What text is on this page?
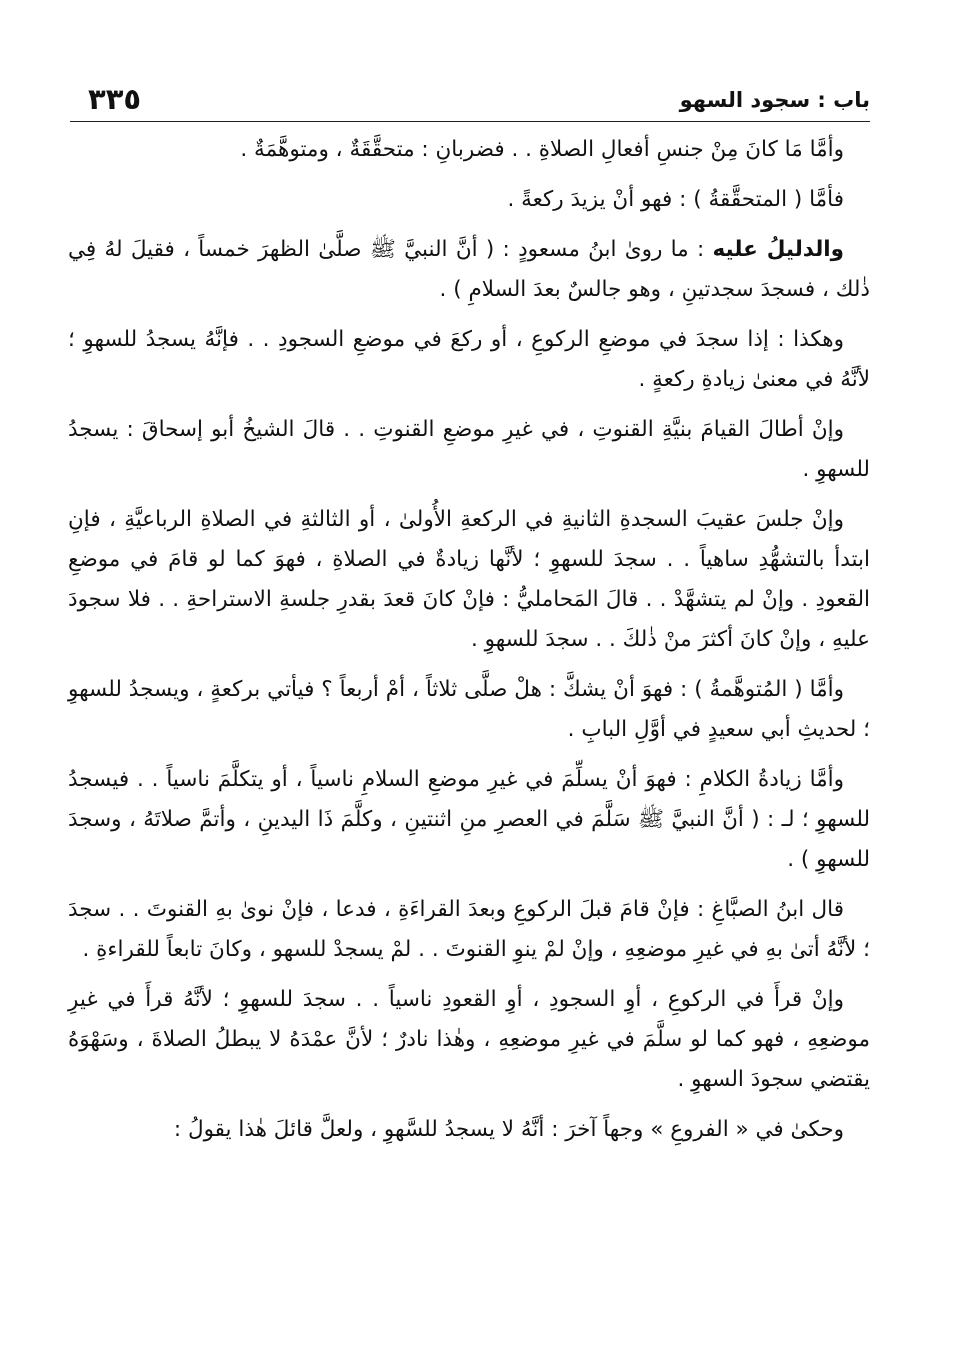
باب : سجود السهو
٣٣٥

وأمَّا مَا كانَ مِنْ جنسِ أفعالِ الصلاةِ . . فضربانِ : متحقَّقَةٌ ، ومتوهَّمَةٌ .

فأمَّا ( المتحقَّقةُ ) : فهو أنْ يزيدَ ركعةً .

والدليلُ عليه : ما روىٰ ابنُ مسعودٍ : ( أنَّ النبيَّ ﷺ صلَّىٰ الظهرَ خمساً ، فقيلَ لهُ فِي ذٰلك ، فسجدَ سجدتينِ ، وهو جالسٌ بعدَ السلامِ ) .

وهكذا : إذا سجدَ في موضعِ الركوعِ ، أو ركعَ في موضعِ السجودِ . . فإنَّهُ يسجدُ للسهوِ ؛ لأنَّهُ في معنىٰ زيادةِ ركعةٍ .

وإنْ أطالَ القيامَ بنيَّةِ القنوتِ ، في غيرِ موضعِ القنوتِ . . قالَ الشيخُ أبو إسحاقَ : يسجدُ للسهوِ .

وإنْ جلسَ عقيبَ السجدةِ الثانيةِ في الركعةِ الأُولىٰ ، أو الثالثةِ في الصلاةِ الرباعيَّةِ ، فإنِ ابتدأ بالتشهُّدِ ساهياً . . سجدَ للسهوِ ؛ لأنَّها زيادةٌ في الصلاةِ ، فهوَ كما لو قامَ في موضعِ القعودِ . وإنْ لم يتشهَّدْ . . قالَ المَحامليُّ : فإنْ كانَ قعدَ بقدرِ جلسةِ الاستراحةِ . . فلا سجودَ عليهِ ، وإنْ كانَ أكثرَ منْ ذٰلكَ . . سجدَ للسهوِ .

وأمَّا ( المُتوهَّمةُ ) : فهوَ أنْ يشكَّ : هلْ صلَّى ثلاثاً ، أمْ أربعاً ؟ فيأتي بركعةٍ ، ويسجدُ للسهوِ ؛ لحديثِ أبي سعيدٍ في أوَّلِ البابِ .

وأمَّا زيادةُ الكلامِ : فهوَ أنْ يسلِّمَ في غيرِ موضعِ السلامِ ناسياً ، أو يتكلَّمَ ناسياً . . فيسجدُ للسهوِ ؛ لـ : ( أنَّ النبيَّ ﷺ سَلَّمَ في العصرِ منِ اثنتينِ ، وكلَّمَ ذَا اليدينِ ، وأتمَّ صلاتَهُ ، وسجدَ للسهوِ ) .

قال ابنُ الصبَّاغِ : فإنْ قامَ قبلَ الركوعِ وبعدَ القراءَةِ ، فدعا ، فإنْ نوىٰ بهِ القنوتَ . . سجدَ ؛ لأنَّهُ أتىٰ بهِ في غيرِ موضعِهِ ، وإنْ لمْ ينوِ القنوتَ . . لمْ يسجدْ للسهو ، وكانَ تابعاً للقراءةِ .

وإنْ قرأَ في الركوعِ ، أوِ السجودِ ، أوِ القعودِ ناسياً . . سجدَ للسهوِ ؛ لأنَّهُ قرأَ في غيرِ موضعِهِ ، فهو كما لو سلَّمَ في غيرِ موضعِهِ ، وهٰذا نادرٌ ؛ لأنَّ عمْدَهُ لا يبطلُ الصلاةَ ، وسَهْوَهُ يقتضي سجودَ السهوِ .

وحكىٰ في « الفروعِ » وجهاً آخرَ : أنَّهُ لا يسجدُ للسَّهوِ ، ولعلَّ قائلَ هٰذا يقولُ :
